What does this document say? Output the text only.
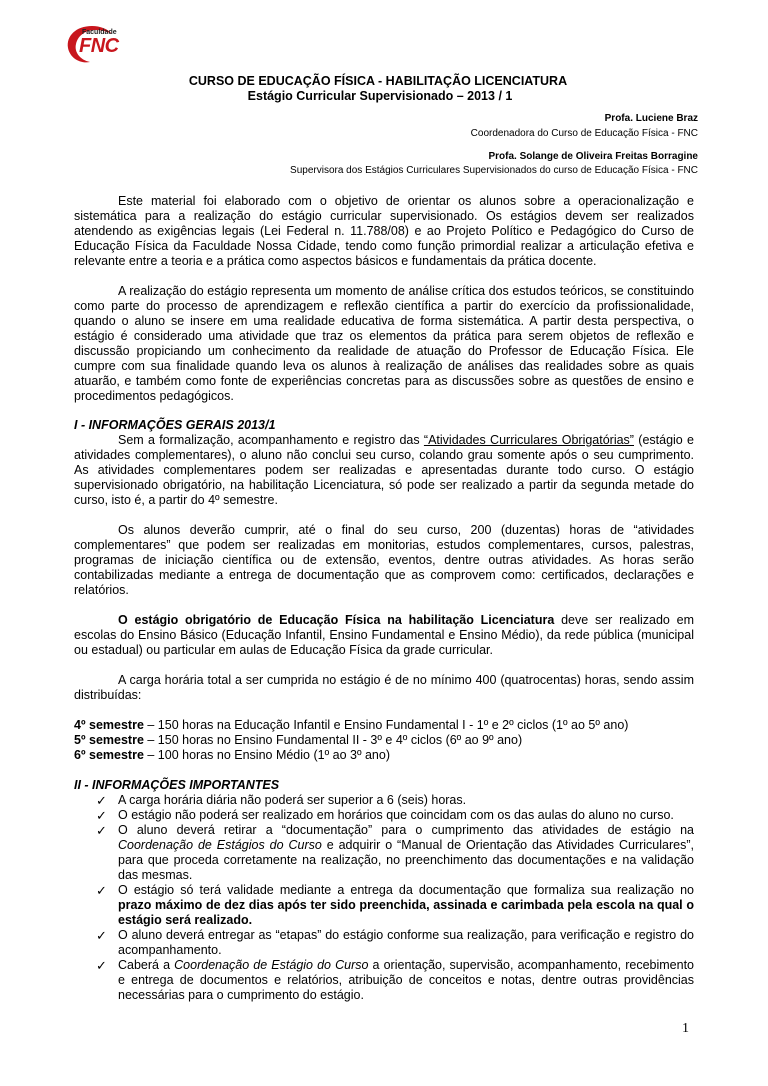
Faculdade
FNC
CURSO DE EDUCAÇÃO FÍSICA - HABILITAÇÃO LICENCIATURA
Estágio Curricular Supervisionado – 2013 / 1
Profa. Luciene Braz
Coordenadora do Curso de Educação Física - FNC
Profa. Solange de Oliveira Freitas Borragine
Supervisora dos Estágios Curriculares Supervisionados do curso de Educação Física - FNC

Este material foi elaborado com o objetivo de orientar os alunos sobre a operacionalização e sistemática para a realização do estágio curricular supervisionado. Os estágios devem ser realizados atendendo as exigências legais (Lei Federal n. 11.788/08) e ao Projeto Político e Pedagógico do Curso de Educação Física da Faculdade Nossa Cidade, tendo como função primordial realizar a articulação efetiva e relevante entre a teoria e a prática como aspectos básicos e fundamentais da prática docente.

A realização do estágio representa um momento de análise crítica dos estudos teóricos, se constituindo como parte do processo de aprendizagem e reflexão científica a partir do exercício da profissionalidade, quando o aluno se insere em uma realidade educativa de forma sistemática. A partir desta perspectiva, o estágio é considerado uma atividade que traz os elementos da prática para serem objetos de reflexão e discussão propiciando um conhecimento da realidade de atuação do Professor de Educação Física. Ele cumpre com sua finalidade quando leva os alunos à realização de análises das realidades sobre as quais atuarão, e também como fonte de experiências concretas para as discussões sobre as questões de ensino e procedimentos pedagógicos.

I - INFORMAÇÕES GERAIS 2013/1

Sem a formalização, acompanhamento e registro das “Atividades Curriculares Obrigatórias” (estágio e atividades complementares), o aluno não conclui seu curso, colando grau somente após o seu cumprimento. As atividades complementares podem ser realizadas e apresentadas durante todo curso. O estágio supervisionado obrigatório, na habilitação Licenciatura, só pode ser realizado a partir da segunda metade do curso, isto é, a partir do 4º semestre.

Os alunos deverão cumprir, até o final do seu curso, 200 (duzentas) horas de “atividades complementares” que podem ser realizadas em monitorias, estudos complementares, cursos, palestras, programas de iniciação científica ou de extensão, eventos, dentre outras atividades. As horas serão contabilizadas mediante a entrega de documentação que as comprovem como: certificados, declarações e relatórios.

O estágio obrigatório de Educação Física na habilitação Licenciatura deve ser realizado em escolas do Ensino Básico (Educação Infantil, Ensino Fundamental e Ensino Médio), da rede pública (municipal ou estadual) ou particular em aulas de Educação Física da grade curricular.

A carga horária total a ser cumprida no estágio é de no mínimo 400 (quatrocentas) horas, sendo assim distribuídas:

4º semestre – 150 horas na Educação Infantil e Ensino Fundamental I - 1º e 2º ciclos (1º ao 5º ano)

5º semestre – 150 horas no Ensino Fundamental II - 3º e 4º ciclos (6º ao 9º ano)

6º semestre – 100 horas no Ensino Médio (1º ao 3º ano)

II - INFORMAÇÕES IMPORTANTES

✓ A carga horária diária não poderá ser superior a 6 (seis) horas.
✓ O estágio não poderá ser realizado em horários que coincidam com os das aulas do aluno no curso.
✓ O aluno deverá retirar a “documentação” para o cumprimento das atividades de estágio na Coordenação de Estágios do Curso e adquirir o “Manual de Orientação das Atividades Curriculares”, para que proceda corretamente na realização, no preenchimento das documentações e na validação das mesmas.
✓ O estágio só terá validade mediante a entrega da documentação que formaliza sua realização no prazo máximo de dez dias após ter sido preenchida, assinada e carimbada pela escola na qual o estágio será realizado.
✓ O aluno deverá entregar as “etapas” do estágio conforme sua realização, para verificação e registro do acompanhamento.
✓ Caberá a Coordenação de Estágio do Curso a orientação, supervisão, acompanhamento, recebimento e entrega de documentos e relatórios, atribuição de conceitos e notas, dentre outras providências necessárias para o cumprimento do estágio.
1
